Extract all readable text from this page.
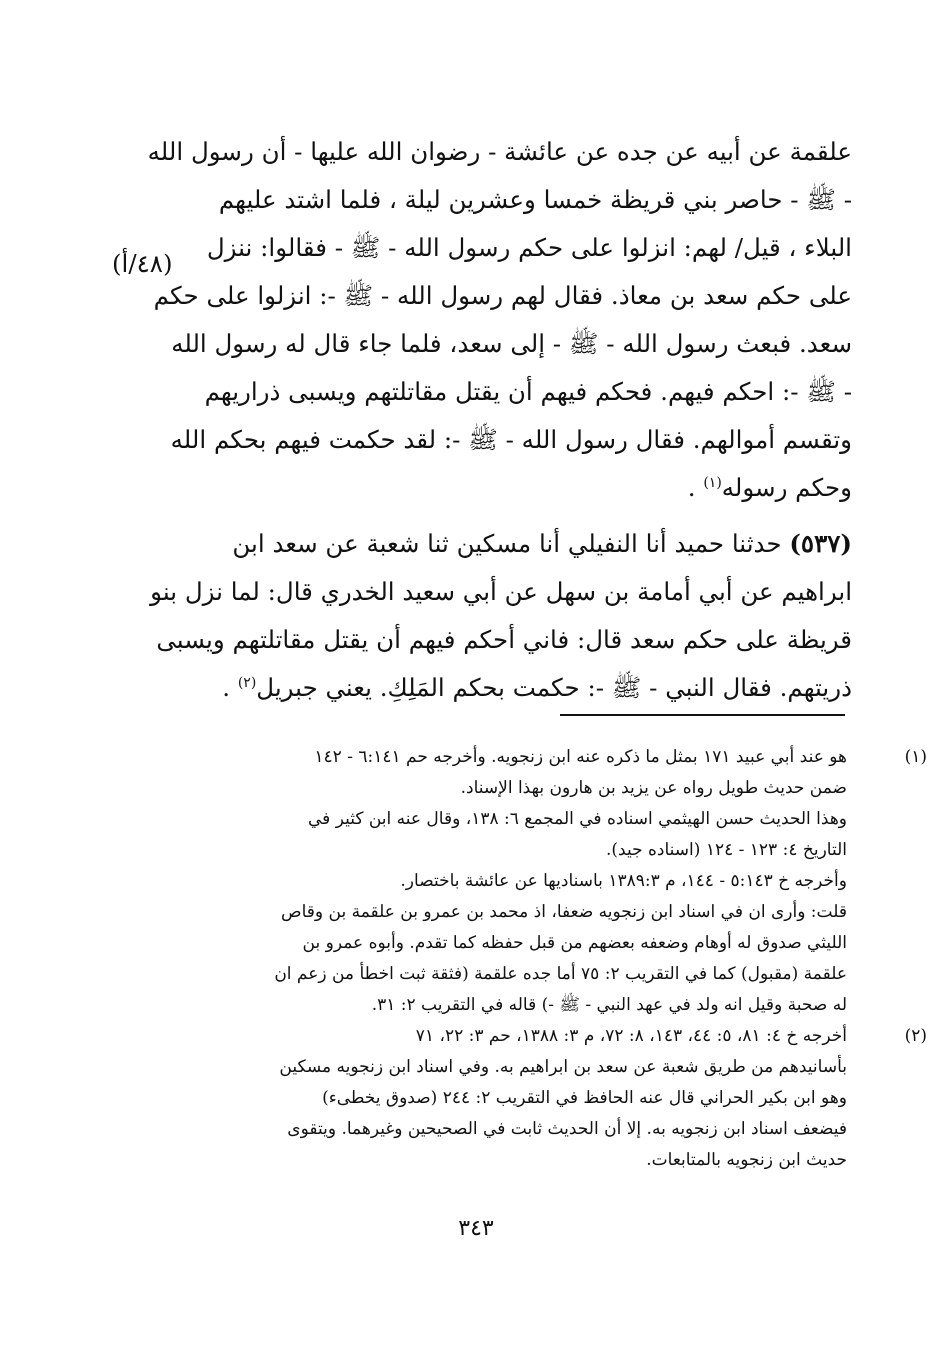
علقمة عن أبيه عن جده عن عائشة - رضوان الله عليها - أن رسول الله
- ﷺ - حاصر بني قريظة خمسا وعشرين ليلة ، فلما اشتد عليهم
البلاء ، قيل/ لهم: انزلوا على حكم رسول الله - ﷺ - فقالوا: ننزل
على حكم سعد بن معاذ. فقال لهم رسول الله - ﷺ -: انزلوا على حكم
سعد. فبعث رسول الله - ﷺ - إلى سعد، فلما جاء قال له رسول الله
- ﷺ -: احكم فيهم. فحكم فيهم أن يقتل مقاتلتهم ويسبى ذراريهم
وتقسم أموالهم. فقال رسول الله - ﷺ -: لقد حكمت فيهم بحكم الله
وحكم رسوله$^{(١)}$ .
(٥٣٧) حدثنا حميد أنا النفيلي أنا مسكين ثنا شعبة عن سعد ابن
ابراهيم عن أبي أمامة بن سهل عن أبي سعيد الخدري قال: لما نزل بنو
قريظة على حكم سعد قال: فاني أحكم فيهم أن يقتل مقاتلتهم ويسبى
ذريتهم. فقال النبي - ﷺ -: حكمت بحكم المَلِكِ. يعني جبريل$^{(٢)}$ .
(٤٨/أ)
(١)
هو عند أبي عبيد ١٧١ بمثل ما ذكره عنه ابن زنجويه. وأخرجه حم ٦:١٤١ - ١٤٢
ضمن حديث طويل رواه عن يزيد بن هارون بهذا الإسناد.
وهذا الحديث حسن الهيثمي اسناده في المجمع ٦: ١٣٨، وقال عنه ابن كثير في
التاريخ ٤: ١٢٣ - ١٢٤ (اسناده جيد).
وأخرجه خ ٥:١٤٣ - ١٤٤، م ١٣٨٩:٣ باسناديها عن عائشة باختصار.
قلت: وأرى ان في اسناد ابن زنجويه ضعفا، اذ محمد بن عمرو بن علقمة بن وقاص
الليثي صدوق له أوهام وضعفه بعضهم من قبل حفظه كما تقدم. وأبوه عمرو بن
علقمة (مقبول) كما في التقريب ٢: ٧٥ أما جده علقمة (فثقة ثبت اخطأ من زعم ان
له صحبة وقيل انه ولد في عهد النبي - ﷺ -) قاله في التقريب ٢: ٣١.
(٢)
أخرجه خ ٤: ٨١، ٥: ٤٤، ١٤٣، ٨: ٧٢، م ٣: ١٣٨٨، حم ٣: ٢٢، ٧١
بأسانيدهم من طريق شعبة عن سعد بن ابراهيم به. وفي اسناد ابن زنجويه مسكين
وهو ابن بكير الحراني قال عنه الحافظ في التقريب ٢: ٢٤٤ (صدوق يخطىء)
فيضعف اسناد ابن زنجويه به. إلا أن الحديث ثابت في الصحيحين وغيرهما. ويتقوى
حديث ابن زنجويه بالمتابعات.
٣٤٣
